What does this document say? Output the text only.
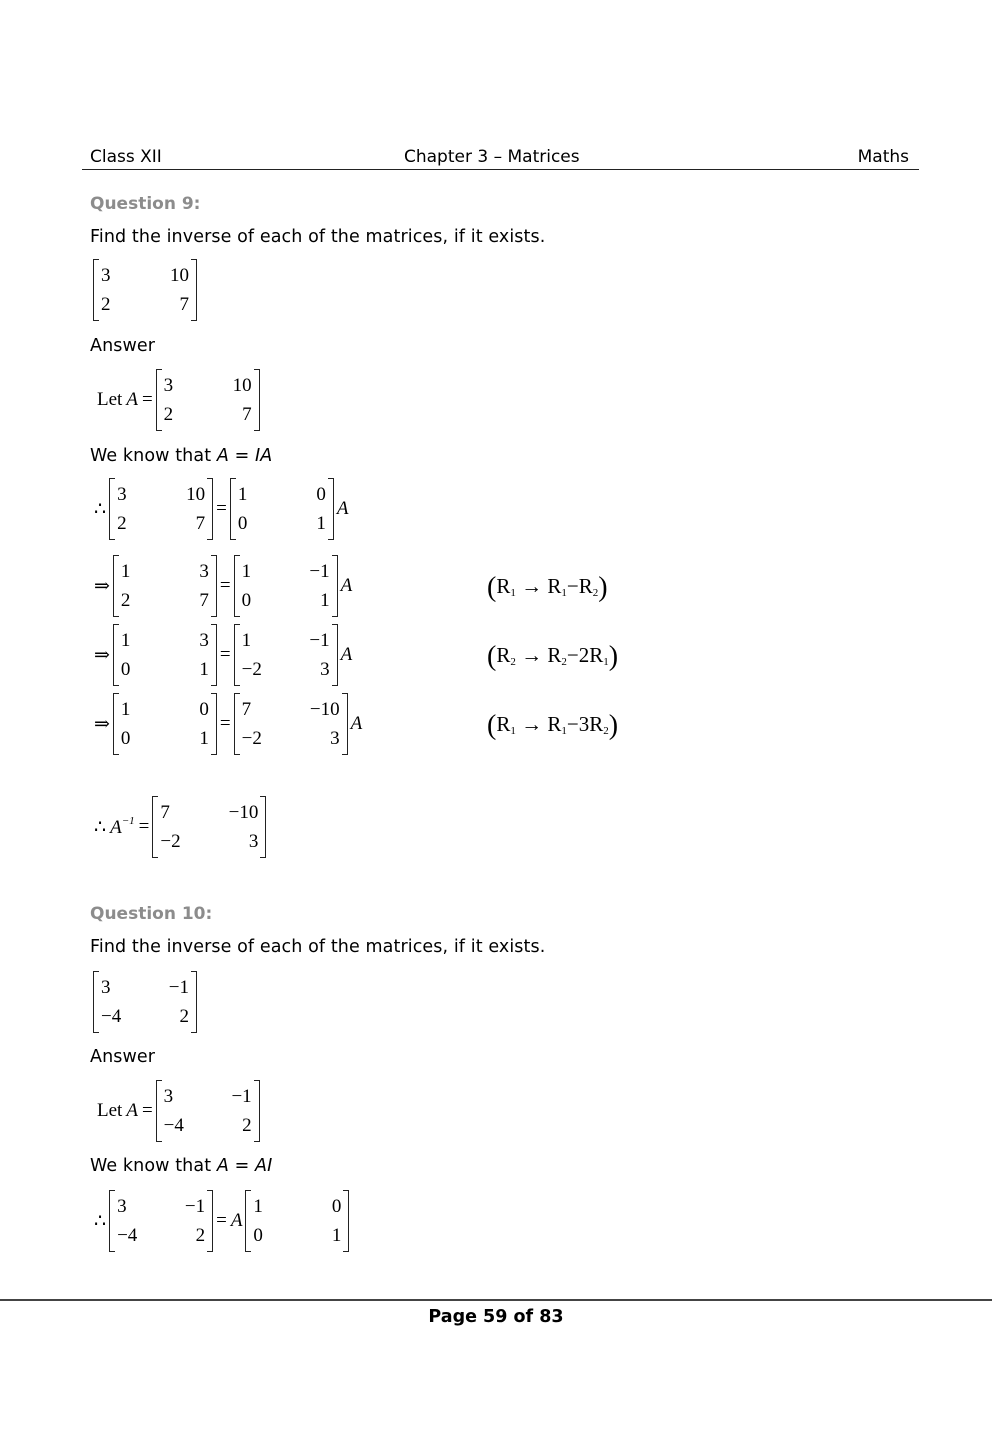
Class XII	Chapter 3 – Matrices	Maths
Question 9:
Find the inverse of each of the matrices, if it exists.
3	10
2	7
Answer
Let A =
3	10
2	7
We know that A = IA
∴
3	10
2	7
=
1	0
0	1
A
⇒
1	3
2	7
=
1	−1
0	1
A	$(R_1 \to R_1-R_2)$
⇒
1	3
0	1
=
1	−1
−2	3
A	$(R_2 \to R_2-2R_1)$
⇒
1	0
0	1
=
7	−10
−2	3
A	$(R_1 \to R_1-3R_2)$
∴ $A^{-1}$ =
7	−10
−2	3
Question 10:
Find the inverse of each of the matrices, if it exists.
3	−1
−4	2
Answer
Let A =
3	−1
−4	2
We know that A = AI
∴
3	−1
−4	2
= A
1	0
0	1
Page 59 of 83
